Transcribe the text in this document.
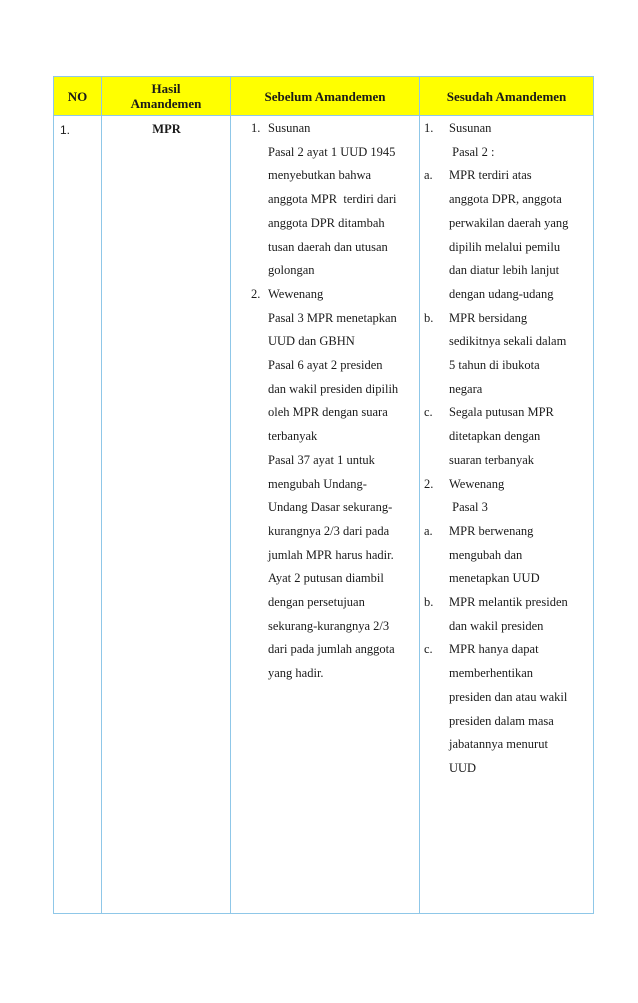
NO
1.
Hasil
Amandemen
MPR
Sebelum Amandemen
1. Susunan
Pasal 2 ayat 1 UUD 1945
menyebutkan bahwa
anggota MPR  terdiri dari
anggota DPR ditambah
tusan daerah dan utusan
golongan
2. Wewenang
Pasal 3 MPR menetapkan
UUD dan GBHN
Pasal 6 ayat 2 presiden
dan wakil presiden dipilih
oleh MPR dengan suara
terbanyak
Pasal 37 ayat 1 untuk
mengubah Undang-
Undang Dasar sekurang-
kurangnya 2/3 dari pada
jumlah MPR harus hadir.
Ayat 2 putusan diambil
dengan persetujuan
sekurang-kurangnya 2/3
dari pada jumlah anggota
yang hadir.
Sesudah Amandemen
1. Susunan
Pasal 2 :
a. MPR terdiri atas
anggota DPR, anggota
perwakilan daerah yang
dipilih melalui pemilu
dan diatur lebih lanjut
dengan udang-udang
b. MPR bersidang
sedikitnya sekali dalam
5 tahun di ibukota
negara
c. Segala putusan MPR
ditetapkan dengan
suaran terbanyak
2. Wewenang
Pasal 3
a. MPR berwenang
mengubah dan
menetapkan UUD
b. MPR melantik presiden
dan wakil presiden
c. MPR hanya dapat
memberhentikan
presiden dan atau wakil
presiden dalam masa
jabatannya menurut
UUD
